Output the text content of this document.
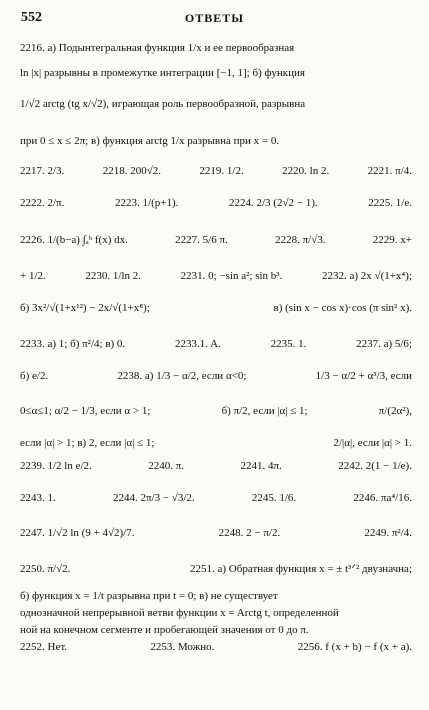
552	ОТВЕТЫ
2216. а) Подынтегральная функция 1/x и ее первообразная
ln |x| разрывны в промежутке интеграции [−1, 1]; б) функция
1/√2 arctg (tg x/√2), играющая роль первообразной, разрывна
при 0 ≤ x ≤ 2π; в) функция arctg 1/x разрывна при x = 0.
2217. 2/3.	2218. 200√2.	2219. 1/2.	2220. ln 2.	2221. π/4.
2222. 2/π.	2223. 1/(p+1).	2224. 2/3 (2√2 − 1).	2225. 1/e.
2226. 1/(b−a) ∫ₐᵇ f(x) dx.	2227. 5/6 π.	2228. π/√3.	2229. x+
+ 1/2.	2230. 1/ln 2.	2231. 0; −sin a²; sin b³.	2232. а) 2x √(1+x⁴);
б) 3x²/√(1+x¹²) − 2x/√(1+x⁸);	в) (sin x − cos x)·cos (π sin² x).
2233. а) 1; б) π²/4; в) 0.	2233.1. A.	2235. 1.	2237. а) 5/6;
б) e/2.	2238. а) 1/3 − α/2, если α<0;	1/3 − α/2 + α³/3, если
0≤α≤1; α/2 − 1/3, если α > 1;	б) π/2, если |α| ≤ 1;	π/(2α²),
если |α| > 1; в) 2, если |α| ≤ 1;	2/|α|, если |α| > 1.
2239. 1/2 ln e/2.	2240. π.	2241. 4π.	2242. 2(1 − 1/e).
2243. 1.	2244. 2π/3 − √3/2.	2245. 1/6.	2246. πa⁴/16.
2247. 1/√2 ln (9 + 4√2)/7.	2248. 2 − π/2.	2249. π²/4.
2250. π/√2.	2251. а) Обратная функция x = ± t³ᐟ² двузначна;
б) функция x = 1/t разрывна при t = 0; в) не существует
однозначной непрерывной ветви функции x = Arctg t, определенной
ной на конечном сегменте и пробегающей значения от 0 до π.
2252. Нет.	2253. Можно.	2256. f (x + b) − f (x + a).
